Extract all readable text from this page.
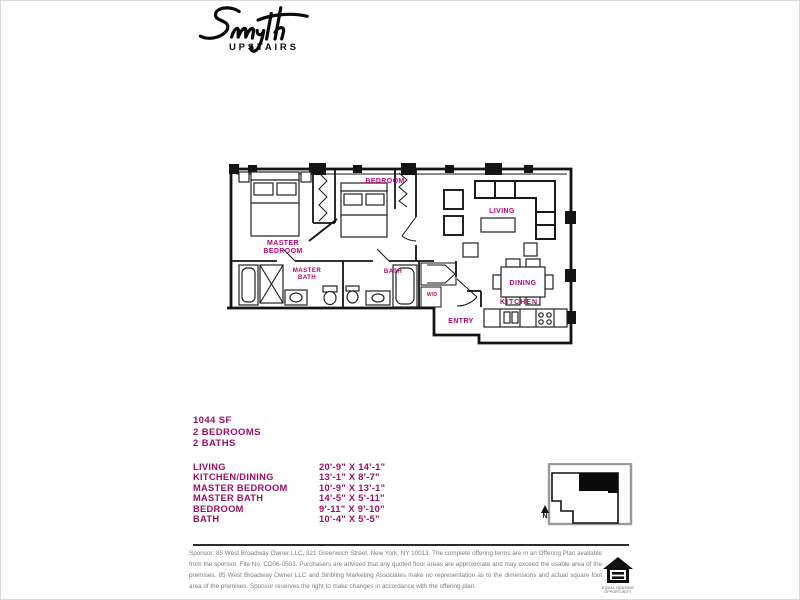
UPSTAIRS
MASTER BEDROOM
BEDROOM
LIVING
DINING
KITCHEN
ENTRY
MASTER BATH
BATH
W/D
1044 SF
2 BEDROOMS
2 BATHS
LIVING	20'-9" X 14'-1"
KITCHEN/DINING	13'-1" X 8'-7"
MASTER BEDROOM	10'-9" X 13'-1"
MASTER BATH	14'-5" X 5'-11"
BEDROOM	9'-11" X 9'-10"
BATH	10'-4" X 5'-5"	N
Sponsor: 85 West Broadway Owner LLC, 321 Greenwich Street, New York, NY 10013. The complete offering terms are in an Offering Plan available from the sponsor. File No. CD06-0503. Purchasers are advised that any quoted floor areas are approximate and may exceed the usable area of the premises. 85 West Broadway Owner LLC and Stribling Marketing Associates make no representation as to the dimensions and actual square foot area of the premises. Sponsor reserves the right to make changes in accordance with the offering plan.	EQUAL HOUSING OPPORTUNITY
